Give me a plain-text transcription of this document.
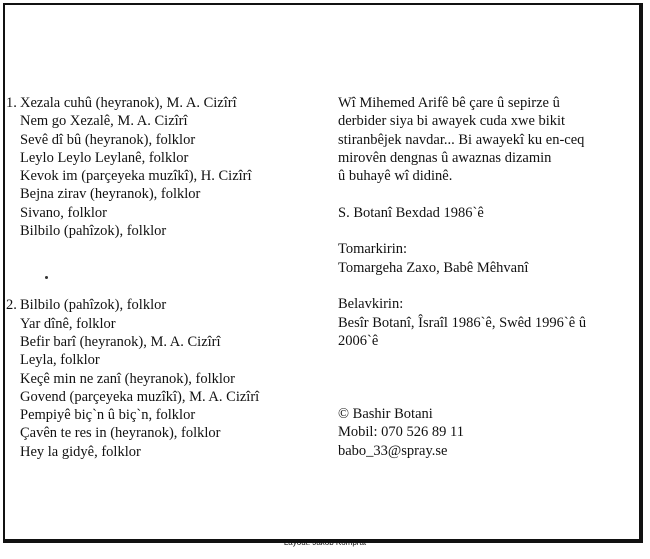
1. Xezala cuhû (heyranok), M. A. Cizîrî
Nem go Xezalê, M. A. Cizîrî
Sevê dî bû (heyranok), folklor
Leylo Leylo Leylanê, folklor
Kevok im (parçeyeka muzîkî), H. Cizîrî
Bejna zirav (heyranok), folklor
Sivano, folklor
Bilbilo (pahîzok), folklor
2. Bilbilo (pahîzok), folklor
Yar dînê, folklor
Befir barî (heyranok), M. A. Cizîrî
Leyla, folklor
Keçê min ne zanî (heyranok), folklor
Govend (parçeyeka muzîkî), M. A. Cizîrî
Pempiyê biç`n û biç`n, folklor
Çavên te res in (heyranok), folklor
Hey la gidyê, folklor
Wî Mihemed Arifê bê çare û sepirze û
derbider siya bi awayek cuda xwe bikit
stiranbêjek navdar... Bi awayekî ku en-ceq
mirovên dengnas û awaznas dizamin
û buhayê wî didinê.
S. Botanî Bexdad 1986`ê
Tomarkirin:
Tomargeha Zaxo, Babê Mêhvanî
Belavkirin:
Besîr Botanî, Îsraîl 1986`ê, Swêd 1996`ê û
2006`ê
© Bashir Botani
Mobil: 070 526 89 11
babo_33@spray.se
Layout: Jakob Komprat
